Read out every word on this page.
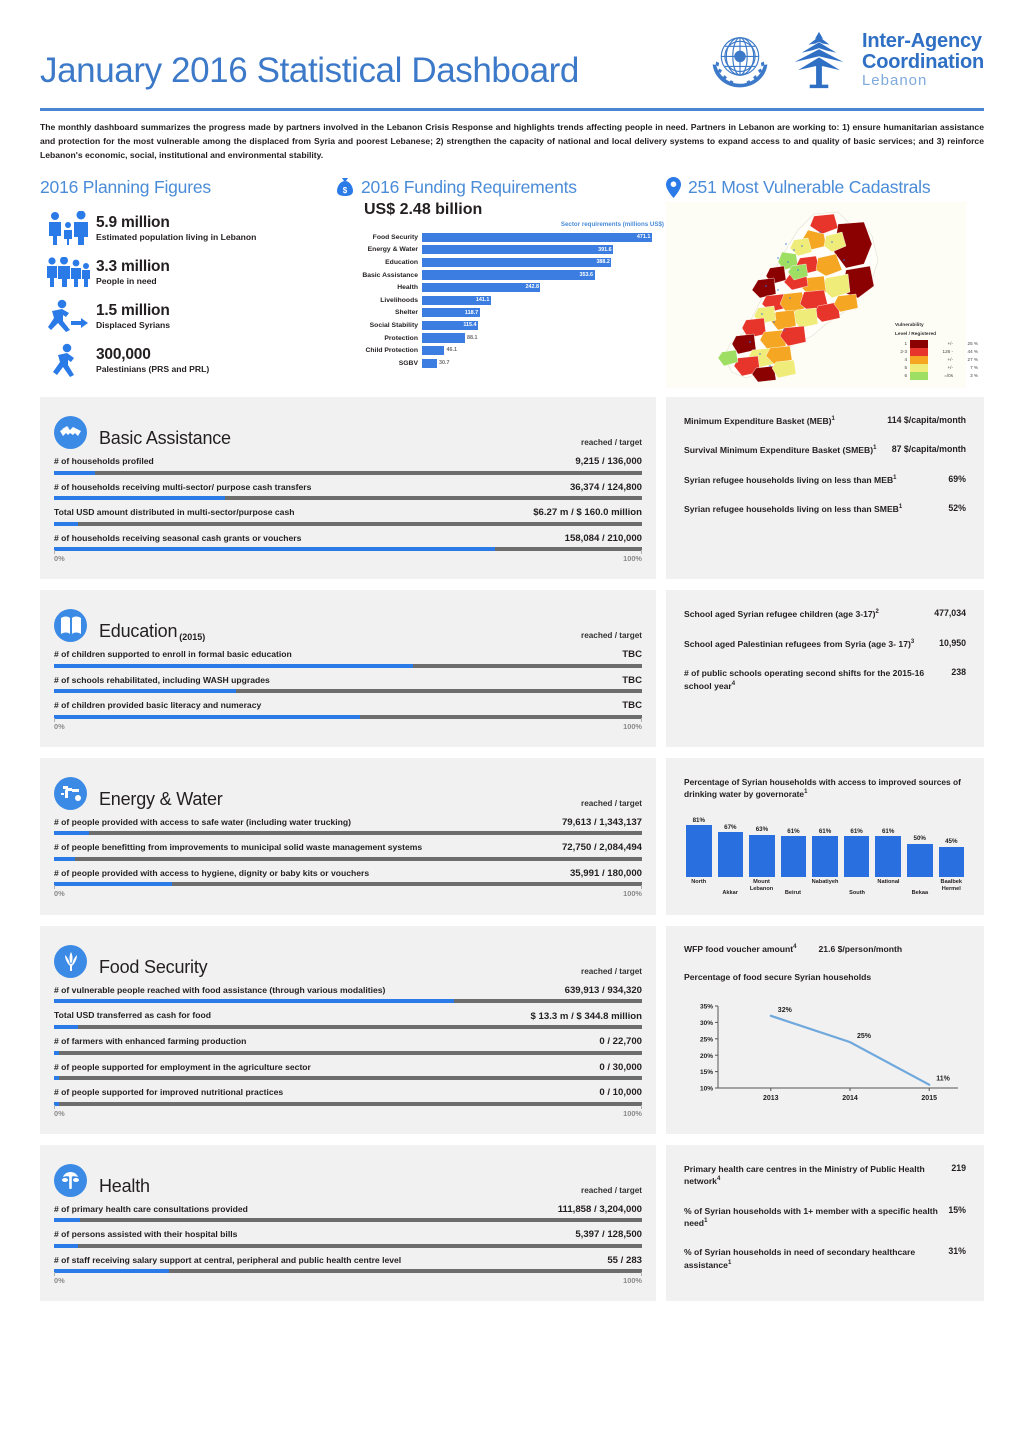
January 2016 Statistical Dashboard
Inter-Agency
Coordination
Lebanon
The monthly dashboard summarizes the progress made by partners involved in the Lebanon Crisis Response and highlights trends affecting people in need. Partners in Lebanon are working to: 1) ensure humanitarian assistance and protection for the most vulnerable among the displaced from Syria and poorest Lebanese; 2) strengthen the capacity of national and local delivery systems to expand access to and quality of basic services; and 3) reinforce Lebanon's economic, social, institutional and environmental stability.
2016 Planning Figures
5.9 million
Estimated population living in Lebanon
3.3 million
People in need
1.5 million
Displaced Syrians
300,000
Palestinians (PRS and PRL)
$ 2016 Funding Requirements
US$ 2.48 billion
Sector requirements (millions US$)
Food Security	471.1
Energy & Water	391.6
Education	388.2
Basic Assistance	353.6
Health	242.8
Livelihoods	141.1
Shelter	118.7
Social Stability	115.4
Protection	88.1
Child Protection	46.1
SGBV	30.7
251 Most Vulnerable Cadastrals
Vulnerability
Level / Registered
1	+/-	25 %
2-3	126 -	44 %
4	+/-	27 %
5	+/-	7 %
6	=/0s	3 %
Basic Assistance	reached / target
# of households profiled	9,215 / 136,000
# of households receiving multi-sector/ purpose cash transfers	36,374 / 124,800
Total USD amount distributed in multi-sector/purpose cash	$6.27 m / $ 160.0 million
# of households receiving seasonal cash grants or vouchers	158,084 / 210,000
0%	100%
Minimum Expenditure Basket (MEB)$^1$	114 $/capita/month
Survival Minimum Expenditure Basket (SMEB)$^1$	87 $/capita/month
Syrian refugee households living on less than MEB$^1$	69%
Syrian refugee households living on less than SMEB$^1$	52%
Education (2015)	reached / target
# of children supported to enroll in formal basic education	TBC
# of schools rehabilitated, including WASH upgrades	TBC
# of children provided basic literacy and numeracy	TBC
0%	100%
School aged Syrian refugee children (age 3-17)$^2$	477,034
School aged Palestinian refugees from Syria (age 3- 17)$^3$	10,950
# of public schools operating second shifts for the 2015-16 school year$^4$
238
Energy & Water	reached / target
# of people provided with access to safe water (including water trucking)	79,613 / 1,343,137
# of people benefitting from improvements to municipal solid waste management systems	72,750 / 2,084,494
# of people provided with access to hygiene, dignity or baby kits or vouchers	35,991 / 180,000
0%	100%
Percentage of Syrian households with access to improved sources of drinking water by governorate$^1$
81%
67%	63%	61%	61%	61%	61%
50%	45%
North
Akkar
Mount
Lebanon
Beirut
Nabatiyeh
South
National
Bekaa
Baalbek
Hermel
Food Security	reached / target
# of vulnerable people reached with food assistance (through various modalities)	639,913 / 934,320
Total USD transferred as cash for food	$ 13.3 m / $ 344.8 million
# of farmers with enhanced farming production	0 / 22,700
# of people supported for employment in the agriculture sector	0 / 30,000
# of people supported for improved nutritional practices	0 / 10,000
0%	100%
WFP food voucher amount$^4$	21.6 $/person/month
Percentage of food secure Syrian households
35%
30%
25%
20%
15%
10%
2013	2014	2015
32%
25%
11%
Health	reached / target
# of primary health care consultations provided	111,858 / 3,204,000
# of persons assisted with their hospital bills	5,397 / 128,500
# of staff receiving salary support at central, peripheral and public health centre level	55 / 283
0%	100%
Primary health care centres in the Ministry of Public Health network$^4$
219
% of Syrian households with 1+ member with a specific health need$^1$
15%
% of Syrian households in need of secondary healthcare assistance$^1$
31%
